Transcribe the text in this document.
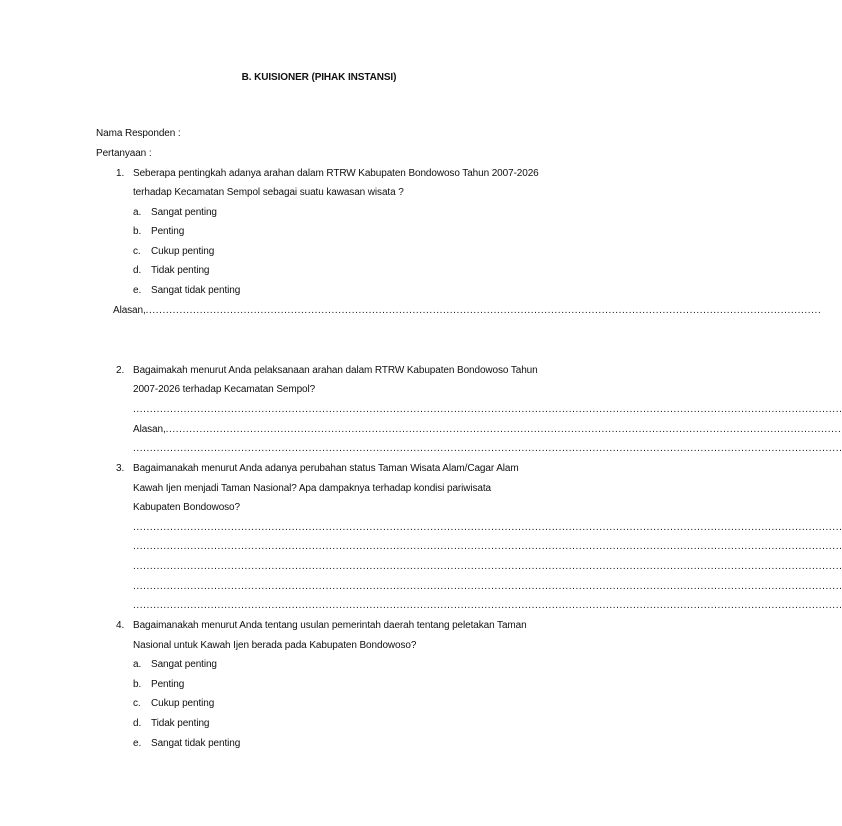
B. KUISIONER (PIHAK INSTANSI)
Nama Responden :
Pertanyaan :
1. Seberapa pentingkah adanya arahan dalam RTRW Kabupaten Bondowoso Tahun 2007-2026
terhadap Kecamatan Sempol sebagai suatu kawasan wisata ?
a. Sangat penting
b. Penting
c. Cukup penting
d. Tidak penting
e. Sangat tidak penting
Alasan,........................................................................................................................................................................................................
2. Bagaimakah menurut Anda pelaksanaan arahan dalam RTRW Kabupaten Bondowoso Tahun
2007-2026 terhadap Kecamatan Sempol?
..................................................................................................................................................................................................................
Alasan,........................................................................................................................................................................................................
..................................................................................................................................................................................................................
3. Bagaimanakah menurut Anda adanya perubahan status Taman Wisata Alam/Cagar Alam
Kawah Ijen menjadi Taman Nasional? Apa dampaknya terhadap kondisi pariwisata
Kabupaten Bondowoso?
..................................................................................................................................................................................................................
..................................................................................................................................................................................................................
..................................................................................................................................................................................................................
..................................................................................................................................................................................................................
..................................................................................................................................................................................................................
4. Bagaimanakah menurut Anda tentang usulan pemerintah daerah tentang peletakan Taman
Nasional untuk Kawah Ijen berada pada Kabupaten Bondowoso?
a. Sangat penting
b. Penting
c. Cukup penting
d. Tidak penting
e. Sangat tidak penting
